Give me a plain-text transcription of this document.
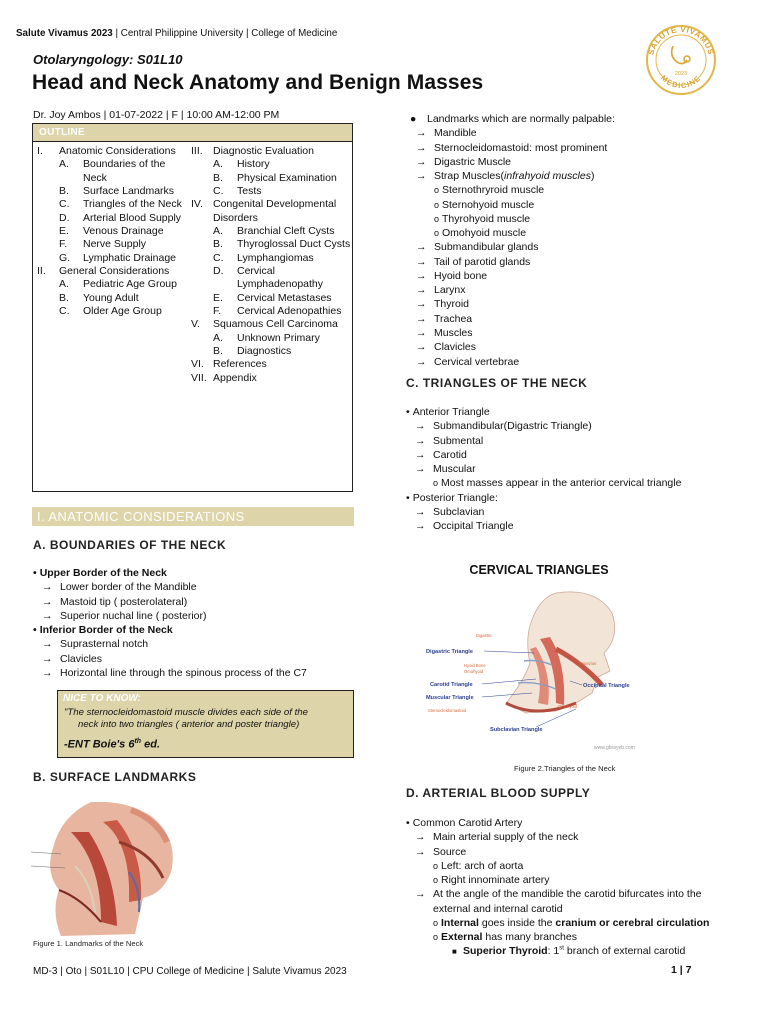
Salute Vivamus 2023 | Central Philippine University | College of Medicine
Otolaryngology: S01L10
Head and Neck Anatomy and Benign Masses
SALUTE VIVAMUS
MEDICINE
2023
Dr. Joy Ambos | 01-07-2022 | F | 10:00 AM-12:00 PM
OUTLINE
I.	Anatomic Considerations
A.	Boundaries of the Neck
B.	Surface Landmarks
C.	Triangles of the Neck
D.	Arterial Blood Supply
E.	Venous Drainage
F.	Nerve Supply
G.	Lymphatic Drainage
II.	General Considerations
A.	Pediatric Age Group
B.	Young Adult
C.	Older Age Group
III. Diagnostic Evaluation
A.	History
B.	Physical Examination
C.	Tests
IV. Congenital Developmental Disorders
A.	Branchial Cleft Cysts
B.	Thyroglossal Duct Cysts
C.	Lymphangiomas
D.	Cervical Lymphadenopathy
E.	Cervical Metastases
F.	Cervical Adenopathies
V.	Squamous Cell Carcinoma
A.	Unknown Primary
B.	Diagnostics
VI. References
VII. Appendix
I. ANATOMIC CONSIDERATIONS
A. BOUNDARIES OF THE NECK
• Upper Border of the Neck
→ Lower border of the Mandible
→ Mastoid tip ( posterolateral)
→ Superior nuchal line ( posterior)
• Inferior Border of the Neck
→ Suprasternal notch
→ Clavicles
→ Horizontal line through the spinous process of the C7
NICE TO KNOW:
"The sternocleidomastoid muscle divides each side of the
neck into two triangles ( anterior and poster triangle)
-ENT Boie's 6th ed.
B. SURFACE LANDMARKS
Figure 1. Landmarks of the Neck
● Landmarks which are normally palpable:
→ Mandible
→ Sternocleidomastoid: most prominent
→ Digastric Muscle
→ Strap Muscles(infrahyoid muscles)
o Sternothryroid muscle
o Sternohyoid muscle
o Thyrohyoid muscle
o Omohyoid muscle
→ Submandibular glands
→ Tail of parotid glands
→ Hyoid bone
→ Larynx
→ Thyroid
→ Trachea
→ Muscles
→ Clavicles
→ Cervical vertebrae
C. TRIANGLES OF THE NECK
• Anterior Triangle
→ Submandibular(Digastric Triangle)
→ Submental
→ Carotid
→ Muscular
o Most masses appear in the anterior cervical triangle
• Posterior Triangle:
→ Subclavian
→ Occipital Triangle
CERVICAL TRIANGLES
Digastric Triangle
Carotid Triangle
Muscular Triangle
Subclavian Triangle
Occipital Triangle
Digastric
Hyoid Bone
Omohyoid
Trapezius
Sternocleidomastoid
Omohyoid
www.gbrayeb.com
Figure 2.Triangles of the Neck
D. ARTERIAL BLOOD SUPPLY
• Common Carotid Artery
→ Main arterial supply of the neck
→ Source
o Left: arch of aorta
o Right innominate artery
→ At the angle of the mandible the carotid bifurcates into the
external and internal carotid
o Internal goes inside the cranium or cerebral circulation
o External has many branches
■ Superior Thyroid: 1st branch of external carotid
MD-3 | Oto | S01L10 | CPU College of Medicine | Salute Vivamus 2023	1 | 7
